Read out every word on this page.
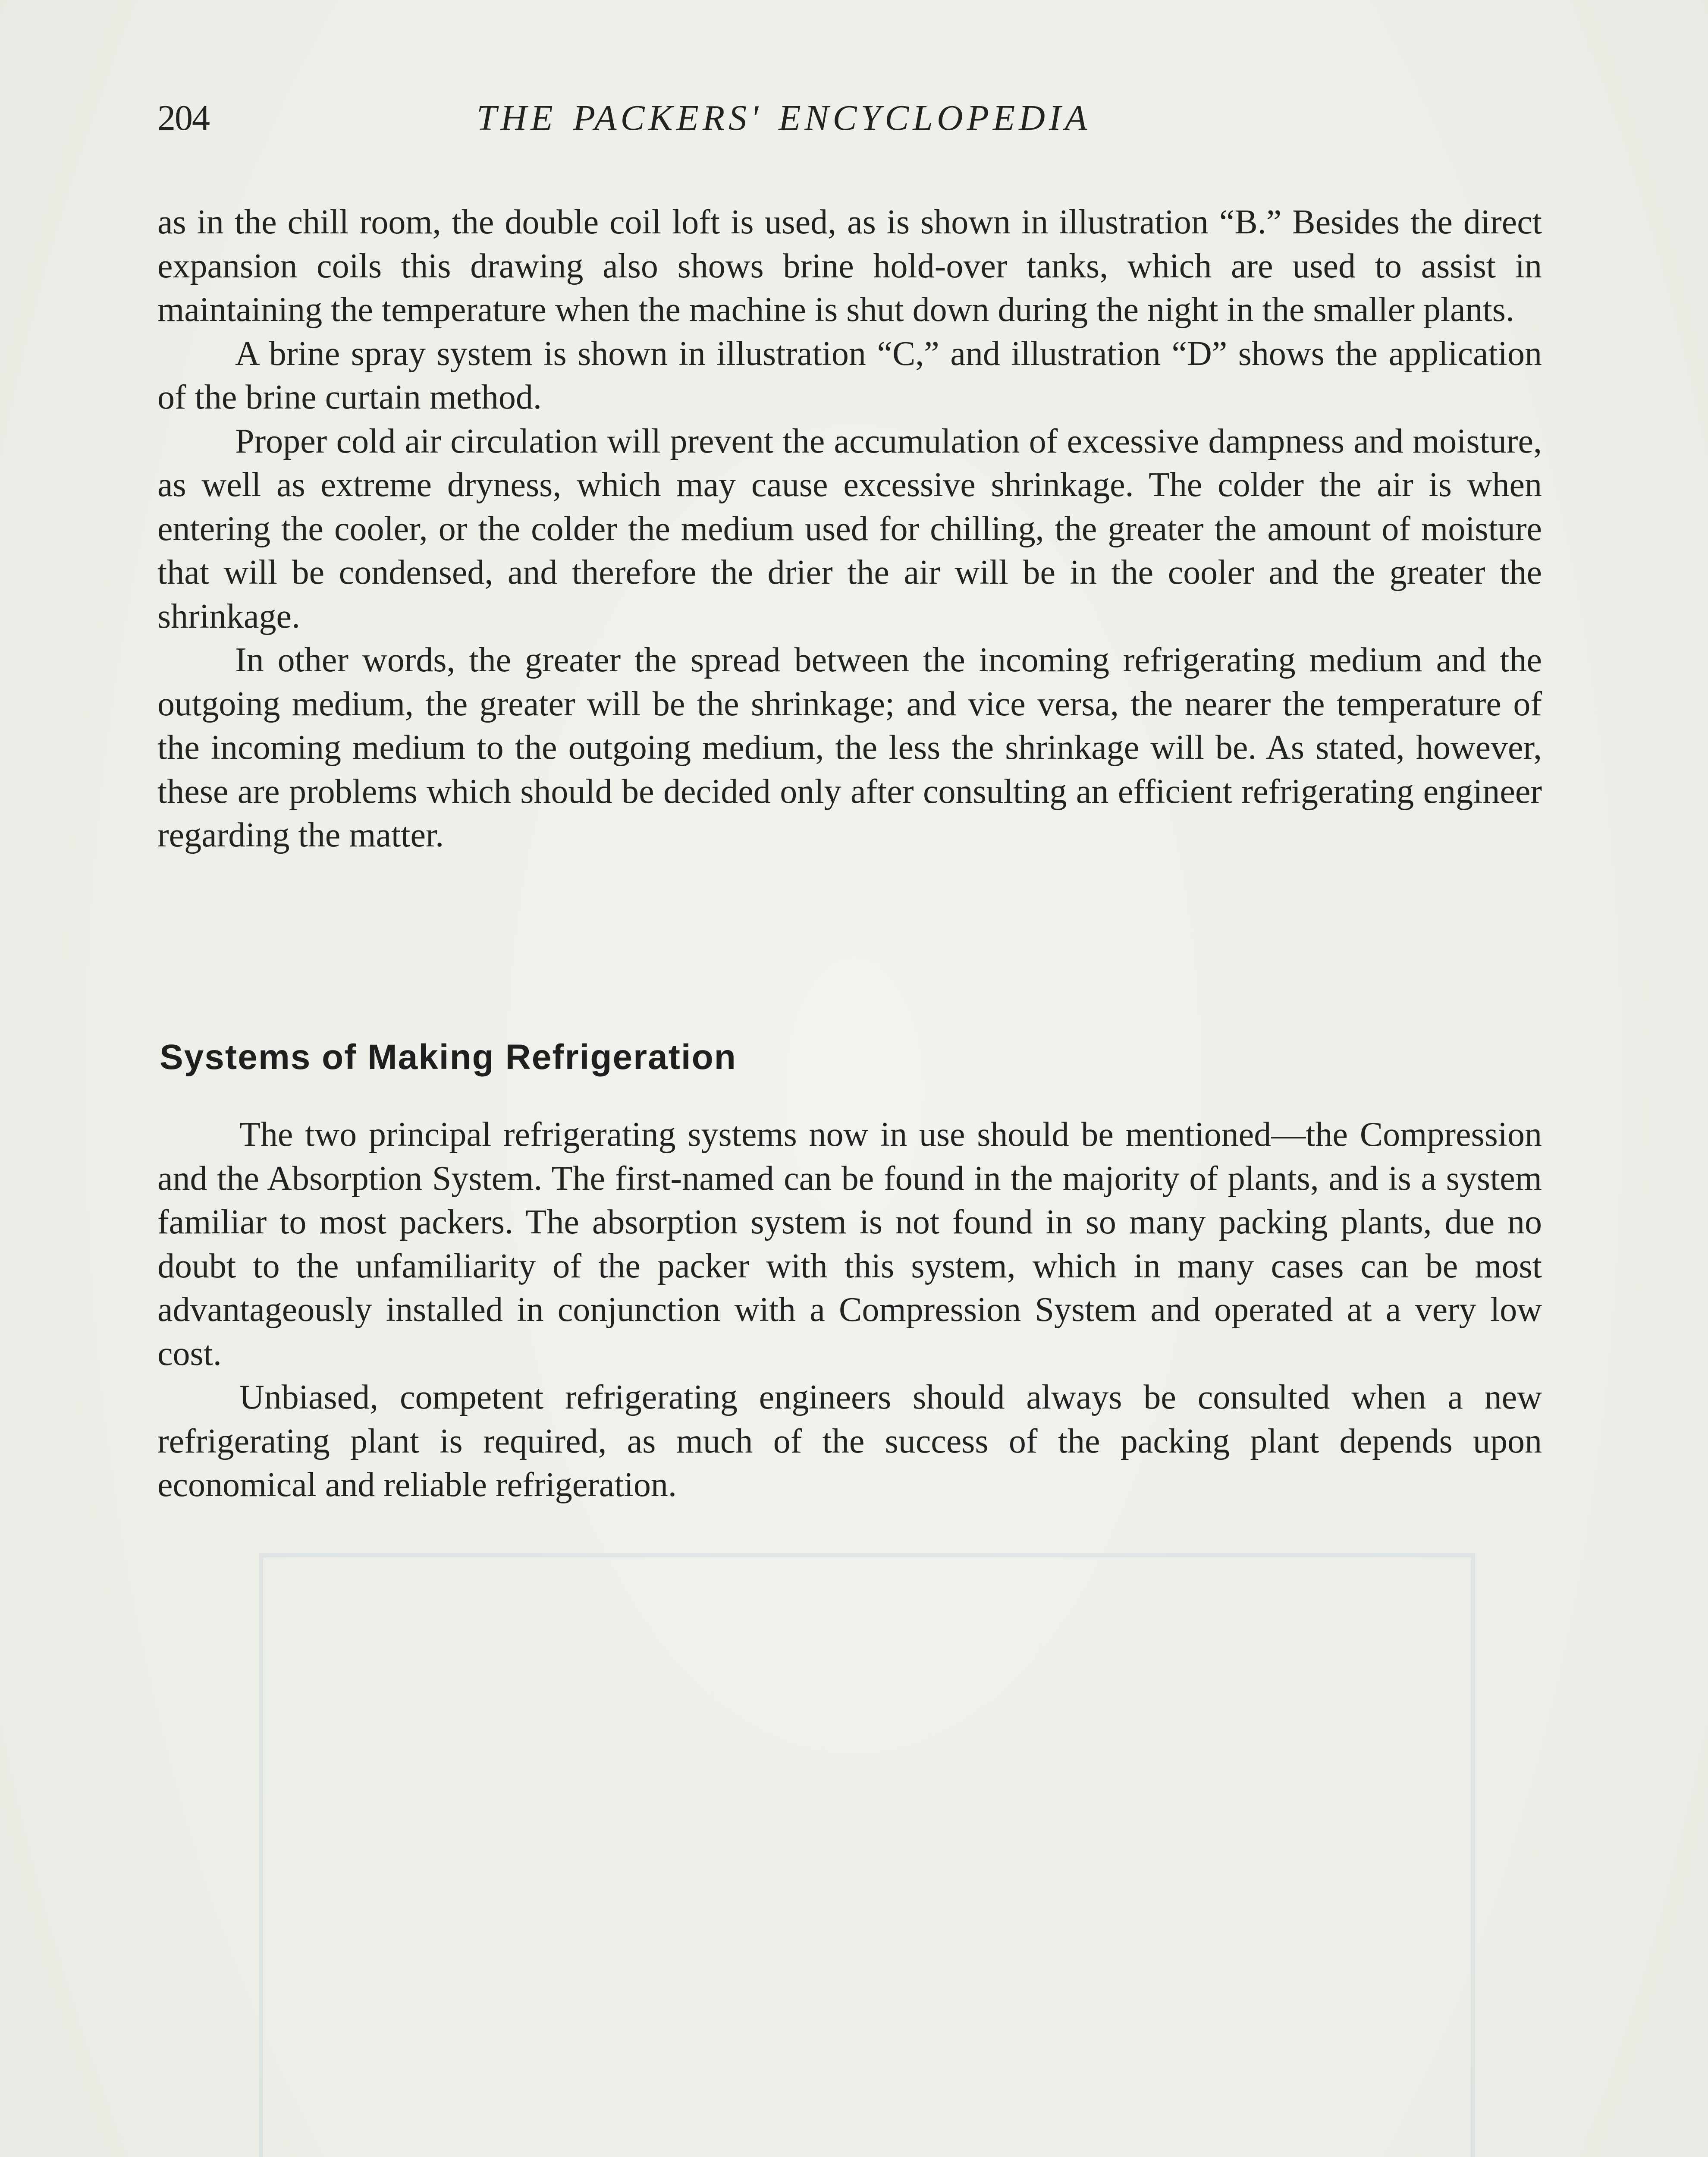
204	THE PACKERS' ENCYCLOPEDIA

as in the chill room, the double coil loft is used, as is shown in illustration “B.” Besides the direct expansion coils this drawing also shows brine hold-over tanks, which are used to assist in maintaining the temperature when the machine is shut down during the night in the smaller plants.

A brine spray system is shown in illustration “C,” and illustration “D” shows the application of the brine curtain method.

Proper cold air circulation will prevent the accumulation of excessive dampness and moisture, as well as extreme dryness, which may cause excessive shrinkage. The colder the air is when entering the cooler, or the colder the medium used for chilling, the greater the amount of moisture that will be condensed, and therefore the drier the air will be in the cooler and the greater the shrinkage.

In other words, the greater the spread between the incoming refrigerating medium and the outgoing medium, the greater will be the shrinkage; and vice versa, the nearer the temperature of the incoming medium to the outgoing medium, the less the shrinkage will be. As stated, however, these are problems which should be decided only after consulting an efficient refrigerating engineer regarding the matter.

Systems of Making Refrigeration

The two principal refrigerating systems now in use should be mentioned—the Compression and the Absorption System. The first-named can be found in the majority of plants, and is a system familiar to most packers. The absorption system is not found in so many packing plants, due no doubt to the unfamiliarity of the packer with this system, which in many cases can be most advantageously installed in conjunction with a Compression System and operated at a very low cost.

Unbiased, competent refrigerating engineers should always be consulted when a new refrigerating plant is required, as much of the success of the packing plant depends upon economical and reliable refrigeration.
